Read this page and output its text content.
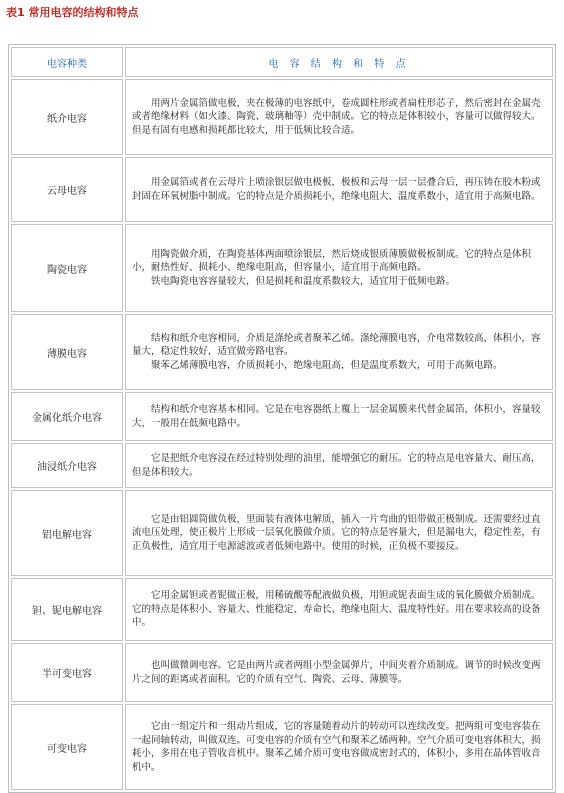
表1 常用电容的结构和特点
电容种类	电 容 结 构 和 特 点
纸介电容	用两片金属箔做电极，夹在极薄的电容纸中，卷成圆柱形或者扁柱形芯子，然后密封在金属壳或者绝缘材料（如火漆、陶瓷、玻璃釉等）壳中制成。它的特点是体积较小，容量可以做得较大。但是有固有电感和损耗都比较大，用于低频比较合适。

云母电容	用金属箔或者在云母片上喷涂银层做电极板，极板和云母一层一层叠合后，再压铸在胶木粉或封固在环氧树脂中制成。它的特点是介质损耗小，绝缘电阻大、温度系数小，适宜用于高频电路。

陶瓷电容	用陶瓷做介质，在陶瓷基体两面喷涂银层，然后烧成银质薄膜做极板制成。它的特点是体积小，耐热性好、损耗小、绝缘电阻高，但容量小，适宜用于高频电路。

铁电陶瓷电容容量较大，但是损耗和温度系数较大，适宜用于低频电路。

薄膜电容	结构和纸介电容相同，介质是涤纶或者聚苯乙烯。涤纶薄膜电容，介电常数较高，体积小，容量大，稳定性较好，适宜做旁路电容。

聚苯乙烯薄膜电容，介质损耗小，绝缘电阻高，但是温度系数大，可用于高频电路。

金属化纸介电容	结构和纸介电容基本相同。它是在电容器纸上覆上一层金属膜来代替金属箔，体积小，容量较大，一般用在低频电路中。

油浸纸介电容	它是把纸介电容浸在经过特别处理的油里，能增强它的耐压。它的特点是电容量大、耐压高，但是体积较大。

铝电解电容	它是由铝圆筒做负极，里面装有液体电解质，插入一片弯曲的铝带做正极制成。还需要经过直流电压处理，使正极片上形成一层氧化膜做介质。它的特点是容量大，但是漏电大，稳定性差，有正负极性，适宜用于电源滤波或者低频电路中。使用的时候，正负极不要接反。

钽、铌电解电容	它用金属钽或者铌做正极，用稀硫酸等配液做负极，用钽或铌表面生成的氧化膜做介质制成。它的特点是体积小、容量大、性能稳定、寿命长、绝缘电阻大、温度特性好。用在要求较高的设备中。

半可变电容	也叫做微调电容。它是由两片或者两组小型金属弹片，中间夹着介质制成。调节的时候改变两片之间的距离或者面积。它的介质有空气、陶瓷、云母、薄膜等。

可变电容	它由一组定片和一组动片组成，它的容量随着动片的转动可以连续改变。把两组可变电容装在一起同轴转动，叫做双连。可变电容的介质有空气和聚苯乙烯两种。空气介质可变电容体积大，损耗小，多用在电子管收音机中。聚苯乙烯介质可变电容做成密封式的，体积小，多用在晶体管收音机中。
